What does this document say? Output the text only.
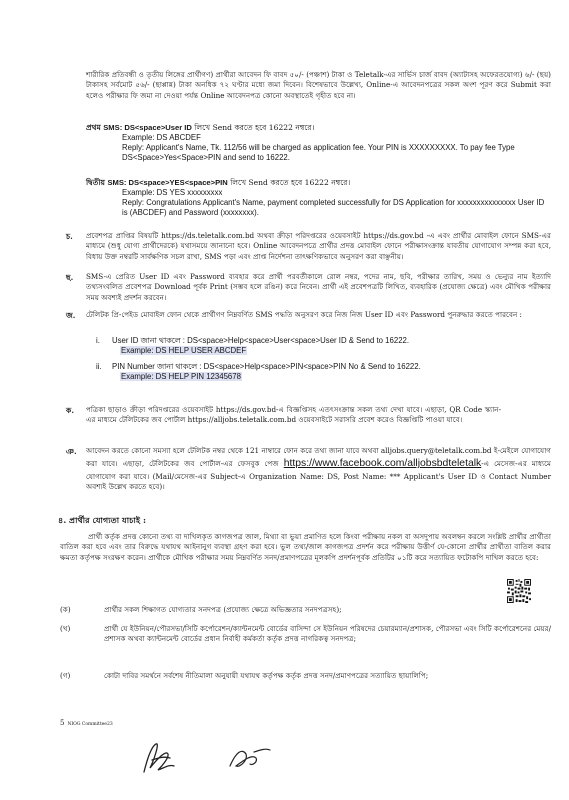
শারীরিক প্রতিবন্ধী ও তৃতীয় লিঙ্গের প্রার্থীগণ) প্রার্থীরা আবেদন ফি বাবদ ৫০/- (পঞ্চাশ) টাকা ও Teletalk-এর সার্ভিস চার্জ বাবদ (অ্যাটাসহ অফেরতযোগ্য) ৬/- (ছয়) টাকাসহ সর্বমোট ৫৬/- (ছাপ্পান্ন) টাকা অনধিক ৭২ ঘণ্টার মধ্যে জমা দিবেন। বিশেষভাবে উল্লেখ্য, Online-এ আবেদনপত্রের সকল অংশ পূরণ করে Submit করা হলেও পরীক্ষার ফি জমা না দেওয়া পর্যন্ত Online আবেদনপত্র কোনো অবস্থাতেই গৃহীত হবে না।

প্রথম SMS: DS<space>User ID লিখে Send করতে হবে 16222 নম্বরে।

Example: DS ABCDEF

Reply: Applicant's Name, Tk. 112/56 will be charged as application fee. Your PIN is XXXXXXXXX. To pay fee Type DS<Space>Yes<Space>PIN and send to 16222.

দ্বিতীয় SMS: DS<space>YES<space>PIN লিখে Send করতে হবে 16222 নম্বরে।

Example: DS YES xxxxxxxxx

Reply: Congratulations Applicant's Name, payment completed successfully for DS Application for xxxxxxxxxxxxxxx User ID is (ABCDEF) and Password (xxxxxxxx).

চ. প্রবেশপত্র প্রাপ্তির বিষয়টি https://ds.teletalk.com.bd অথবা ক্রীড়া পরিদপ্তরের ওয়েবসাইট https://ds.gov.bd -এ এবং প্রার্থীর মোবাইল ফোনে SMS-এর মাধ্যমে (শুধু যোগ্য প্রার্থীদেরকে) যথাসময়ে জানানো হবে। Online আবেদনপত্রে প্রার্থীর প্রদত্ত মোবাইল ফোনে পরীক্ষাসংক্রান্ত যাবতীয় যোগাযোগ সম্পন্ন করা হবে, বিধায় উক্ত নম্বরটি সার্বক্ষণিক সচল রাখা, SMS পড়া এবং প্রাপ্ত নির্দেশনা তাৎক্ষণিকভাবে অনুসরণ করা বাঞ্ছনীয়।

ছ. SMS-এ প্রেরিত User ID এবং Password ব্যবহার করে প্রার্থী পরবর্তীকালে রোল নম্বর, পদের নাম, ছবি, পরীক্ষার তারিখ, সময় ও ভেন্যুর নাম ইত্যাদি তথ্যসংবলিত প্রবেশপত্র Download পূর্বক Print (সম্ভব হলে রঙিন) করে নিবেন। প্রার্থী এই প্রবেশপত্রটি লিখিত, ব্যবহারিক (প্রযোজ্য ক্ষেত্রে) এবং মৌখিক পরীক্ষার সময় অবশ্যই প্রদর্শন করবেন।

জ. টেলিটক প্রি-পেইড মোবাইল ফোন থেকে প্রার্থীগণ নিম্নবর্ণিত SMS পদ্ধতি অনুসরণ করে নিজ নিজ User ID এবং Password পুনরুদ্ধার করতে পারবেন :

i. User ID জানা থাকলে : DS<space>Help<space>User<space>User ID & Send to 16222.
Example: DS HELP USER ABCDEF
ii. PIN Number জানা থাকলে : DS<space>Help<space>PIN<space>PIN No & Send to 16222.
Example: DS HELP PIN 12345678
ক. পত্রিকা ছাড়াও ক্রীড়া পরিদপ্তরের ওয়েবসাইট https://ds.gov.bd-এ বিজ্ঞপ্তিসহ এতৎসংক্রান্ত সকল তথ্য দেখা যাবে। এছাড়া, QR Code স্ক্যান-এর মাধ্যমে টেলিটকের জব পোর্টাল https://alljobs.teletalk.com.bd ওয়েবসাইটে সরাসরি প্রবেশ করেও বিজ্ঞপ্তিটি পাওয়া যাবে।

ঞ. আবেদন করতে কোনো সমস্যা হলে টেলিটক নম্বর থেকে 121 নাম্বারে ফোন করে তথ্য জানা যাবে অথবা alljobs.query@teletalk.com.bd ই-মেইলে যোগাযোগ করা যাবে। এছাড়া, টেলিটকের জব পোর্টাল-এর ফেসবুক পেজ https://www.facebook.com/alljobsbdteletalk-এ মেসেজ-এর মাধ্যমে যোগাযোগ করা যাবে। (Mail/মেসেজ-এর Subject-এ Organization Name: DS, Post Name: *** Applicant's User ID ও Contact Number অবশ্যই উল্লেখ করতে হবে)।

৪. প্রার্থীর যোগ্যতা যাচাই :

প্রার্থী কর্তৃক প্রদত্ত কোনো তথ্য বা দাখিলকৃত কাগজপত্র জাল, মিথ্যা বা ভুয়া প্রমাণিত হলে কিংবা পরীক্ষায় নকল বা অসদুপায় অবলম্বন করলে সংশ্লিষ্ট প্রার্থীর প্রার্থীতা বাতিল করা হবে এবং তার বিরুদ্ধে যথাযথ আইনানুগ ব্যবস্থা গ্রহণ করা হবে। ভুল তথ্য/জাল কাগজপত্র প্রদর্শন করে পরীক্ষায় উত্তীর্ণ যে-কোনো প্রার্থীর প্রার্থীতা বাতিল করার ক্ষমতা কর্তৃপক্ষ সংরক্ষণ করেন। প্রার্থীকে মৌখিক পরীক্ষার সময় নিম্নবর্ণিত সনদ/প্রমাণপত্রের মূলকপি প্রদর্শনপূর্বক প্রতিটির ০১টি করে সত্যায়িত ফটোকপি দাখিল করতে হবে:

(ক)	প্রার্থীর সকল শিক্ষাগত যোগ্যতার সনদপত্র (প্রযোজ্য ক্ষেত্রে অভিজ্ঞতার সনদপত্রসহ);
(খ)	প্রার্থী যে ইউনিয়ন/পৌরসভা/সিটি কর্পোরেশন/ক্যান্টনমেন্ট বোর্ডের বাসিন্দা সে ইউনিয়ন পরিষদের চেয়ারম্যান/প্রশাসক, পৌরসভা এবং সিটি কর্পোরেশনের মেয়র/প্রশাসক অথবা ক্যান্টনমেন্ট বোর্ডের প্রধান নির্বাহী কর্মকর্তা কর্তৃক প্রদত্ত নাগরিকত্ব সনদপত্র;
(গ)	কোটা দাবির সমর্থনে সর্বশেষ নীতিমালা অনুযায়ী যথাযথ কর্তৃপক্ষ কর্তৃক প্রদত্ত সনদ/প্রমাণপত্রের সত্যায়িত ছায়ালিপি;
5 NIOG Committee23
